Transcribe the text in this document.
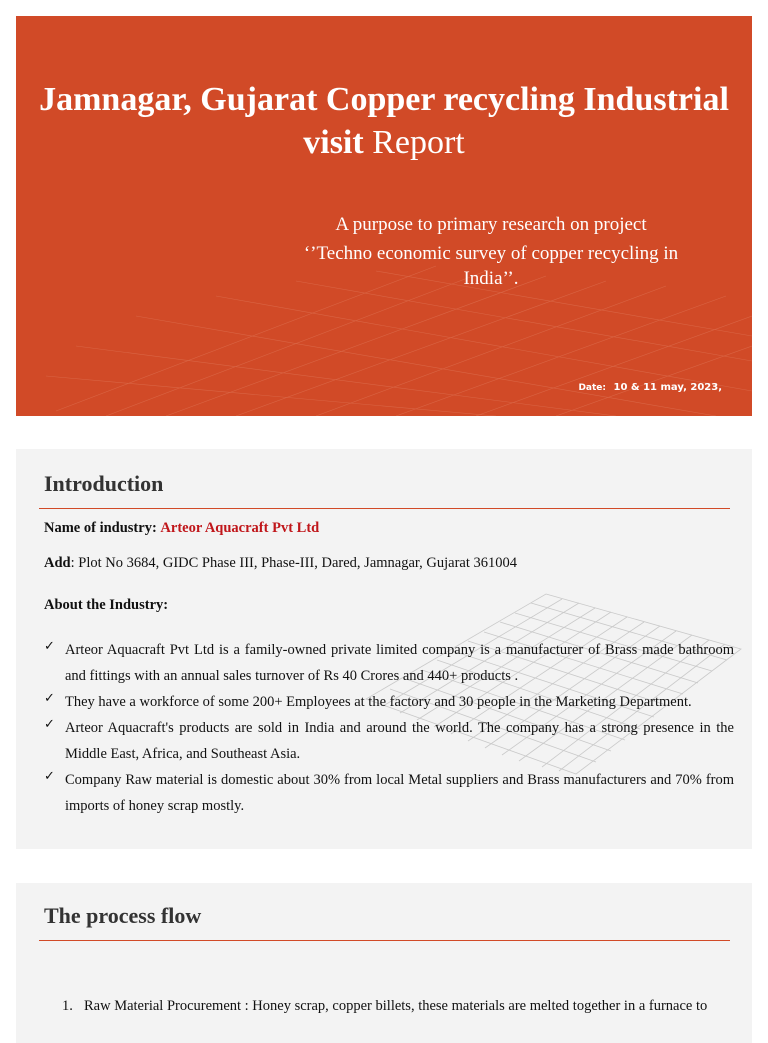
Jamnagar, Gujarat Copper recycling Industrial visit Report
A purpose to primary research on project
‘’Techno economic survey of copper recycling in India’’.
Date: 10 & 11 may, 2023,
Introduction
Name of industry: Arteor Aquacraft Pvt Ltd
Add: Plot No 3684, GIDC Phase III, Phase-III, Dared, Jamnagar, Gujarat 361004
About the Industry:
✓ Arteor Aquacraft Pvt Ltd is a family-owned private limited company is a manufacturer of Brass made bathroom and fittings with an annual sales turnover of Rs 40 Crores and 440+ products .
✓ They have a workforce of some 200+ Employees at the factory and 30 people in the Marketing Department.
✓ Arteor Aquacraft's products are sold in India and around the world. The company has a strong presence in the Middle East, Africa, and Southeast Asia.
✓ Company Raw material is domestic about 30% from local Metal suppliers and Brass manufacturers and 70% from imports of honey scrap mostly.
The process flow
1. Raw Material Procurement : Honey scrap, copper billets, these materials are melted together in a furnace to
